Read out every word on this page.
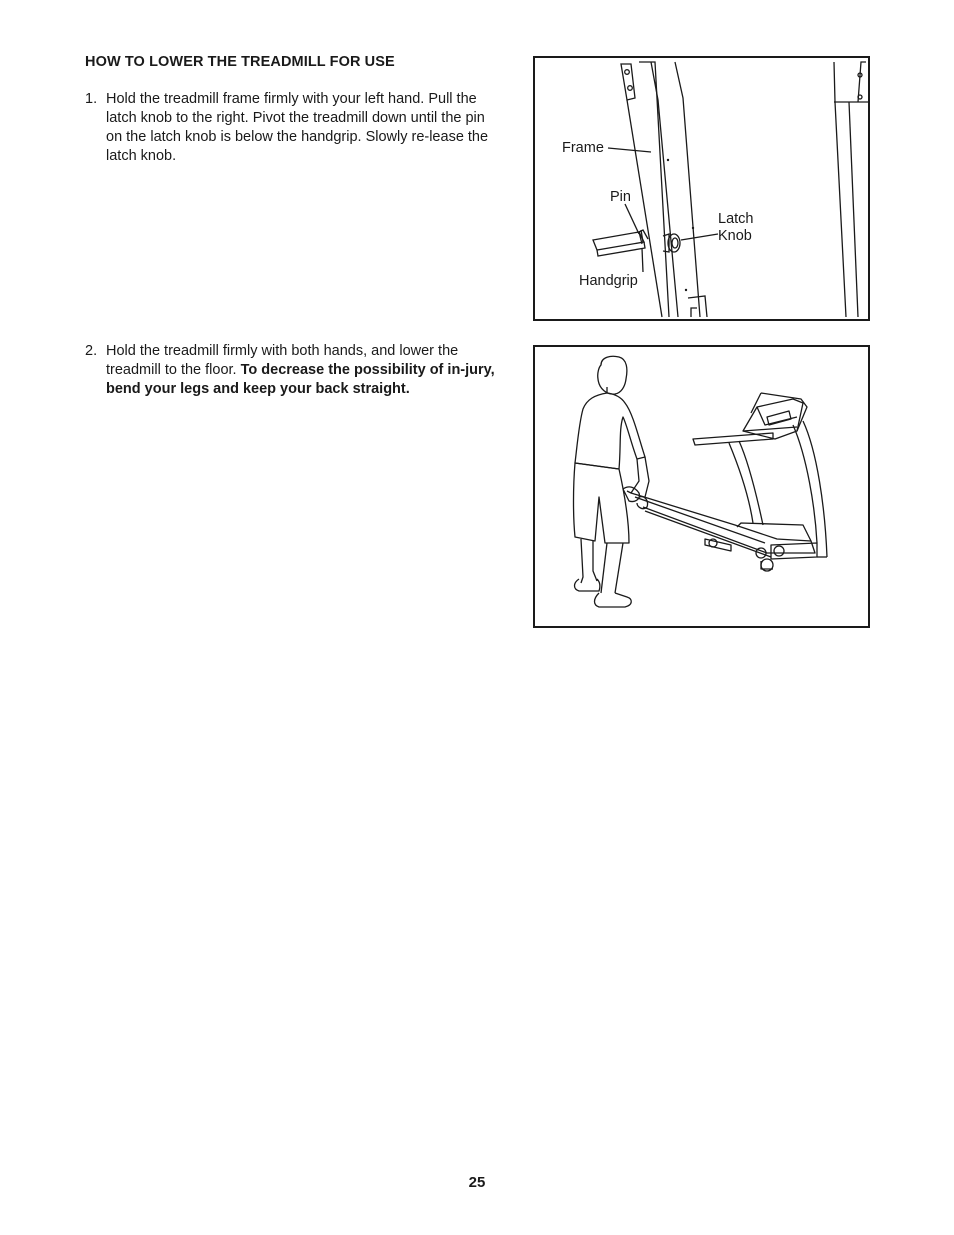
HOW TO LOWER THE TREADMILL FOR USE
1. Hold the treadmill frame firmly with your left hand. Pull the latch knob to the right. Pivot the treadmill down until the pin on the latch knob is below the handgrip. Slowly re-lease the latch knob.
2. Hold the treadmill firmly with both hands, and lower the treadmill to the floor. To decrease the possibility of in-jury, bend your legs and keep your back straight.
Frame
Pin
Latch
Knob
Handgrip
25
